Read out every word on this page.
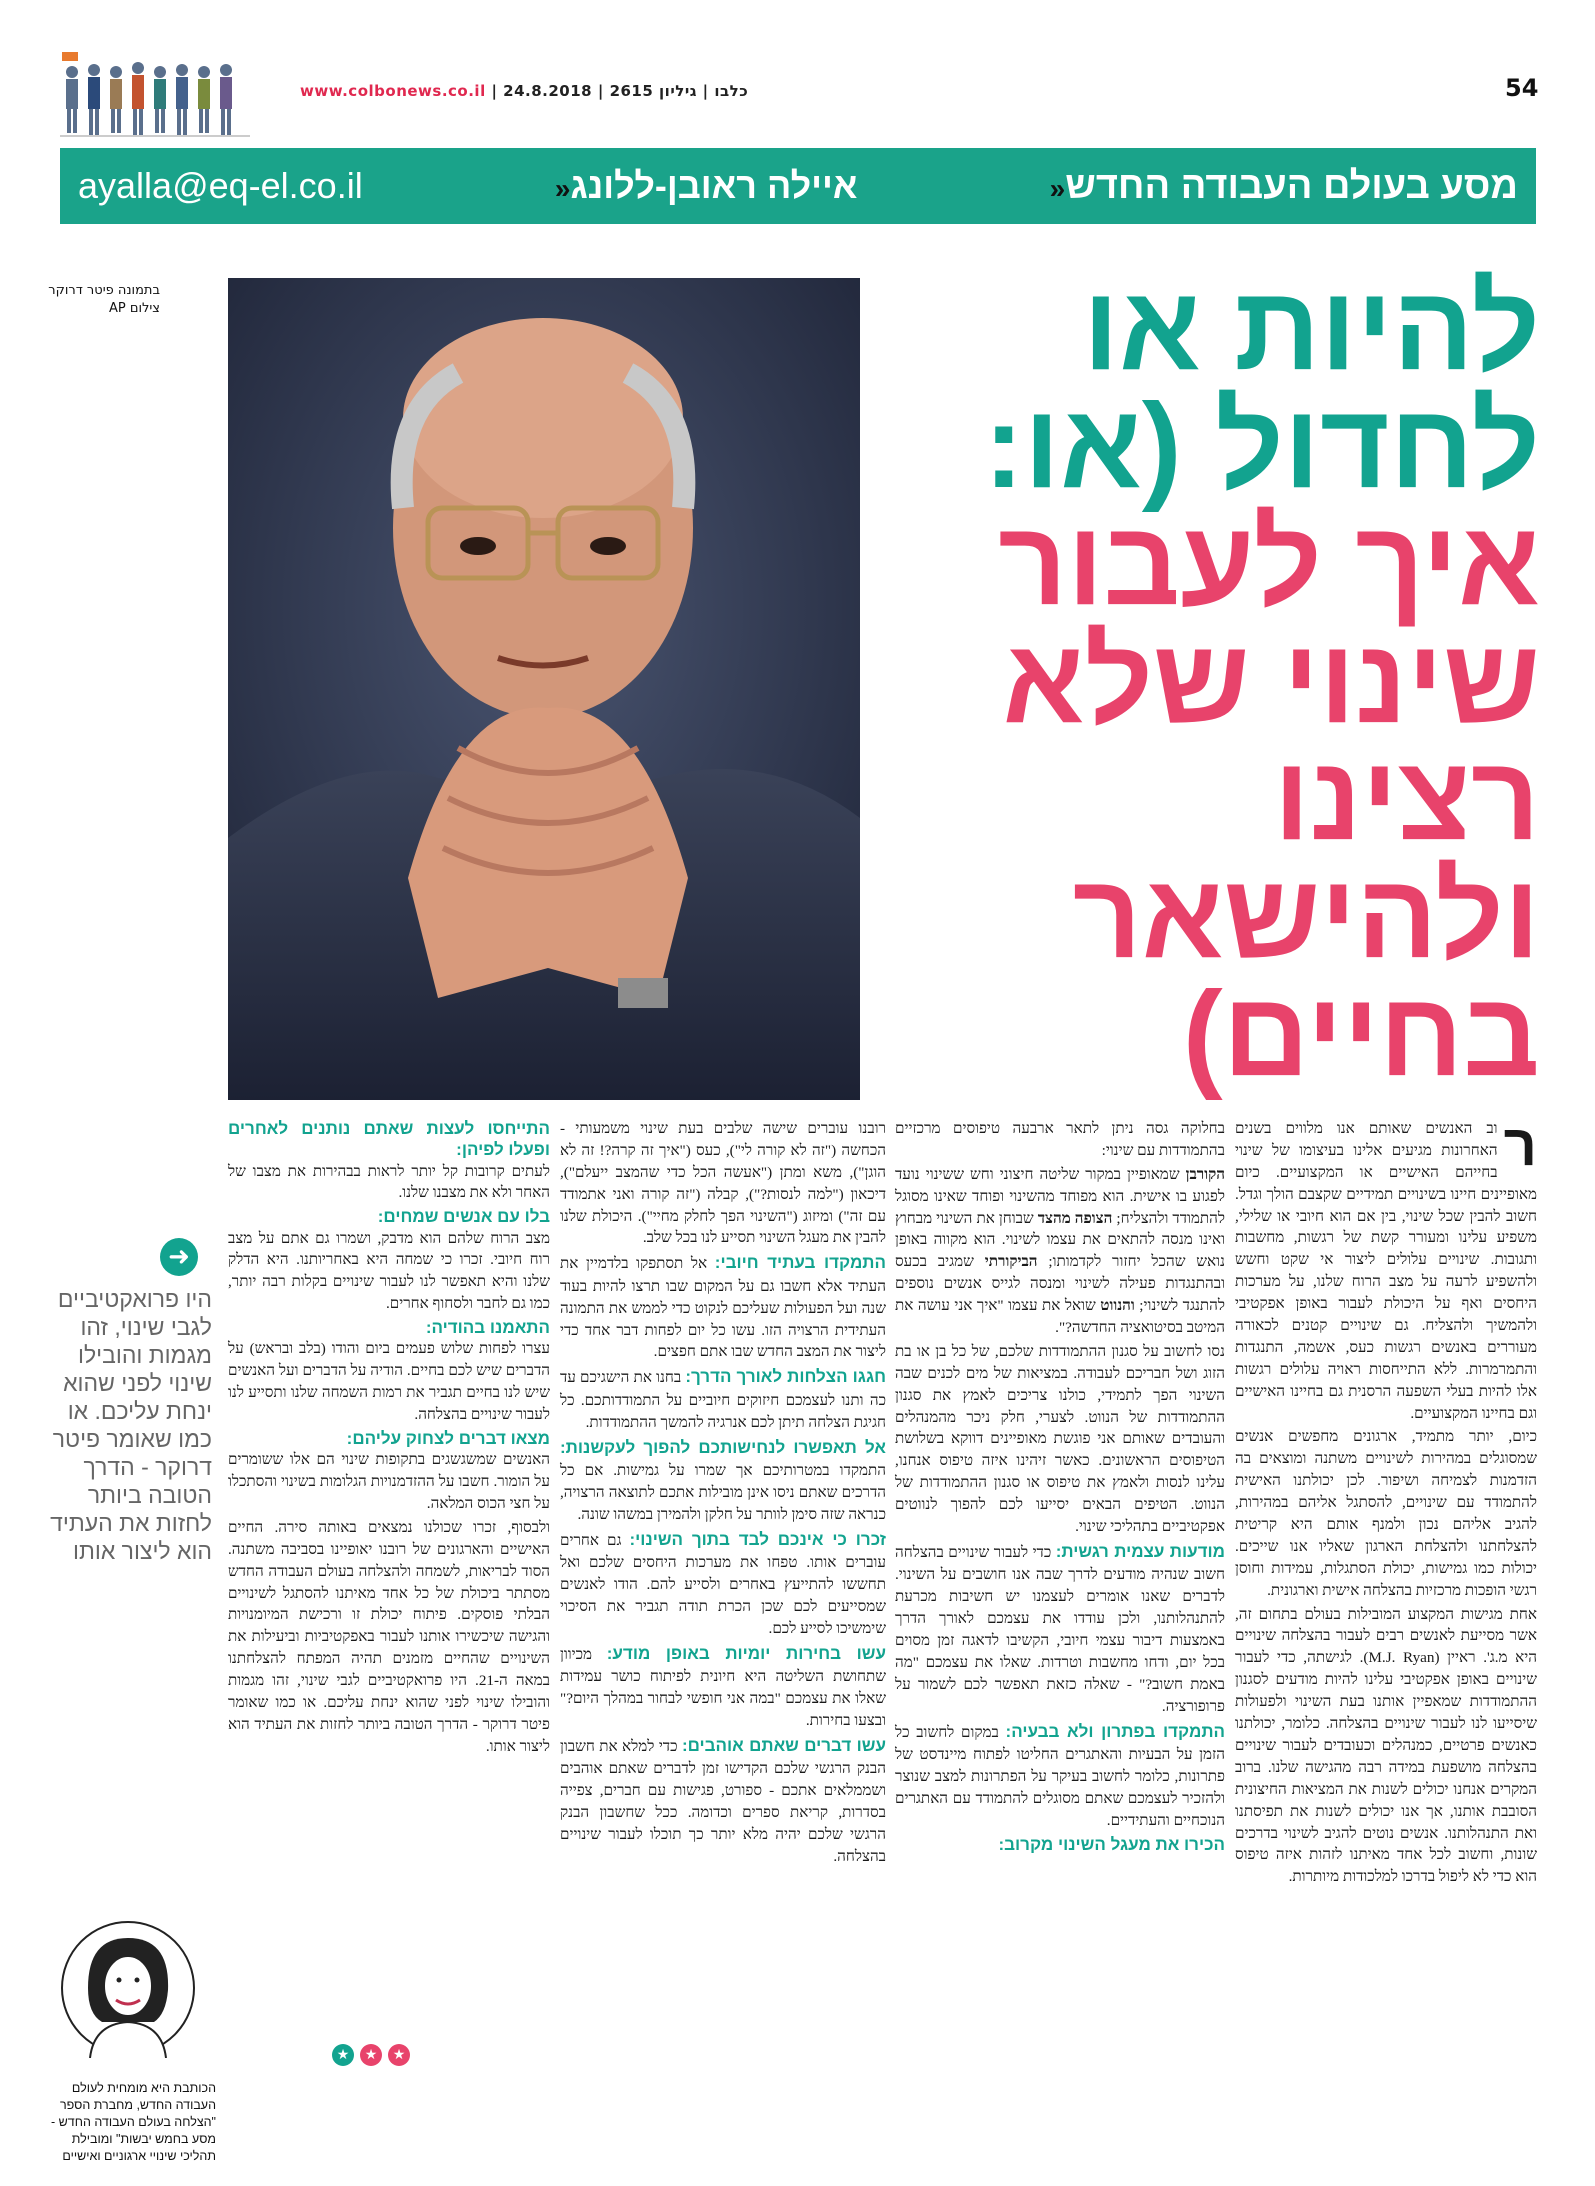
www.colbonews.co.il | כלבו | גיליון 2615 | 24.8.2018	54
מסע בעולם העבודה החדש«
איילה ראובן-ללונג«
ayalla@eq-el.co.il
להיות או
לחדול (או:
איך לעבור
שינוי שלא
רצינו
ולהישאר
בחיים)
בתמונה פיטר דרוקר
צילום AP
ר

וב האנשים שאותם אנו מלווים בשנים האחרונות מגיעים אלינו בעיצומו של שינוי בחייהם האישיים או המקצועיים. כיום מאופיינים חיינו בשינויים תמידיים שקצבם הולך וגדל. חשוב להבין שכל שינוי, בין אם הוא חיובי או שלילי, משפיע עלינו ומעורר קשת של רגשות, מחשבות ותגובות. שינויים עלולים ליצור אי שקט וחשש ולהשפיע לרעה על מצב הרוח שלנו, על מערכות היחסים ואף על היכולת לעבור באופן אפקטיבי ולהמשיך ולהצליח. גם שינויים קטנים לכאורה מעוררים באנשים רגשות כעס, אשמה, התנגדות והתמרמרות. ללא התייחסות ראויה עלולים רגשות אלו להיות בעלי השפעה הרסנית גם בחיינו האישיים וגם בחיינו המקצועיים.

כיום, יותר מתמיד, ארגונים מחפשים אנשים שמסוגלים במהירות לשינויים משתנה ומוצאים בה הזדמנות לצמיחה ושיפור. לכן יכולתנו האישית להתמודד עם שינויים, להסתגל אליהם במהירות, להגיב אליהם נכון ולמנף אותם היא קריטית להצלחתנו ולהצלחת הארגון שאליו אנו שייכים. יכולות כמו גמישות, יכולת הסתגלות, עמידות וחוסן רגשי הופכות מרכזיות בהצלחה אישית וארגונית.

אחת מגישות המקצוע המובילות בעולם בתחום זה, אשר מסייעת לאנשים רבים לעבור בהצלחה שינויים היא מ.ג'. ראיין (M.J. Ryan). לגישתה, כדי לעבור שינויים באופן אפקטיבי עלינו להיות מודעים לסגנון ההתמודדות שמאפיין אותנו בעת השינוי ולפעולות שיסייעו לנו לעבור שינויים בהצלחה. כלומר, יכולתנו כאנשים פרטיים, כמנהלים וכעובדים לעבור שינויים בהצלחה מושפעת במידה רבה מהגישה שלנו. ברוב המקרים אנחנו יכולים לשנות את המציאות החיצונית הסובבת אותנו, אך אנו יכולים לשנות את תפיסתנו ואת התנהלותנו. אנשים נוטים להגיב לשינוי בדרכים שונות, וחשוב לכל אחד מאיתנו לזהות איזה טיפוס הוא כדי לא ליפול בדרכו למלכודות מיותרות.

בחלוקה גסה ניתן לתאר ארבעה טיפוסים מרכזיים בהתמודדות עם שינוי:

הקורבן שמאופיין במקור שליטה חיצוני וחש ששינוי נועד לפגוע בו אישית. הוא מפוחד מהשינוי ופוחד שאינו מסוגל להתמודד ולהצליח; הצופה מהצד שבוחן את השינוי מבחוץ ואינו מנסה להתאים את עצמו לשינוי. הוא מקווה באופן נואש שהכל יחזור לקדמותו; הביקורתי שמגיב בכעס ובהתנגדות פעילה לשינוי ומנסה לגייס אנשים נוספים להתנגד לשינוי; והנווט שואל את עצמו "איך אני עושה את המיטב בסיטואציה החדשה?".

נסו לחשוב על סגנון ההתמודדות שלכם, של כל בן או בת הזוג ושל חבריכם לעבודה. במציאות של מים לכנים שבה השינוי הפך לתמידי, כולנו צריכים לאמץ את סגנון ההתמודדות של הנווט. לצערי, חלק ניכר מהמנהלים והעובדים שאותם אני פוגשת מאופיינים דווקא בשלושת הטיפוסים הראשונים. כאשר זיהינו איזה טיפוס אנחנו, עלינו לנסות ולאמץ את טיפוס או סגנון ההתמודדות של הנווט. הטיפים הבאים יסייעו לכם להפוך לנווטים אפקטיביים בתהליכי שינוי.

מודעות עצמית רגשית: כדי לעבור שינויים בהצלחה חשוב שנהיה מודעים לדרך שבה אנו חושבים על השינוי. לדברים שאנו אומרים לעצמנו יש חשיבות מכרעת להתנהלותנו, ולכן עודדו את עצמכם לאורך הדרך באמצעות דיבור עצמי חיובי, הקשיבו לדאגה זמן מסוים בכל יום, ודחו מחשבות וטרדות. שאלו את עצמכם "מה באמת חשוב?" - שאלה כזאת תאפשר לכם לשמור על פרופורציה.

התמקדו בפתרון ולא בבעיה: במקום לחשוב כל הזמן על הבעיות והאתגרים החליטו לפתוח מיינדסט של פתרונות, כלומר לחשוב בעיקר על הפתרונות למצב שנוצר ולהזכיר לעצמכם שאתם מסוגלים להתמודד עם האתגרים הנוכחיים והעתידיים.

הכירו את מעגל השינוי מקרוב:

רובנו עוברים שישה שלבים בעת שינוי משמעותי - הכחשה ("זה לא קורה לי"), כעס ("איך זה קרה?! זה לא הוגן"), משא ומתן ("אעשה הכל כדי שהמצב ייעלם"), דיכאון ("למה לנסות?"), קבלה ("זה קורה ואני אתמודד עם זה") ומיזוג ("השינוי הפך לחלק מחיי"). היכולת שלנו להבין את מעגל השינוי תסייע לנו בכל שלב.

התמקדו בעתיד חיובי: אל תסתפקו בלדמיין את העתיד אלא חשבו גם על המקום שבו תרצו להיות בעוד שנה ועל הפעולות שעליכם לנקוט כדי לממש את התמונה העתידית הרצויה הזו. עשו כל יום לפחות דבר אחד כדי ליצור את המצב החדש שבו אתם חפצים.

חגגו הצלחות לאורך הדרך: בחנו את הישגיכם עד כה ותנו לעצמכם חיזוקים חיוביים על התמודדותכם. כל חגיגת הצלחה תיתן לכם אנרגיה להמשך ההתמודדות.

אל תאפשרו לנחישותכם להפוך לעקשנות: התמקדו במטרותיכם אך שמרו על גמישות. אם כל הדרכים שאתם ניסו אינן מובילות אתכם לתוצאה הרצויה, כנראה שזה סימן לוותר על חלקן ולהמירן במשהו שונה.

זכרו כי אינכם לבד בתוך השינוי: גם אחרים עוברים אותו. טפחו את מערכות היחסים שלכם ואל תחששו להתייעץ באחרים ולסייע להם. הודו לאנשים שמסייעים לכם שכן הכרת תודה תגביר את הסיכוי שימשיכו לסייע לכם.

עשו בחירות יומיות באופן מודע: מכיוון שתחושת השליטה היא חיונית לפיתוח כושר עמידות שאלו את עצמכם "במה אני חופשי לבחור במהלך היום?" ובצעו בחירות.

עשו דברים שאתם אוהבים: כדי למלא את חשבון הבנק הרגשי שלכם הקדישו זמן לדברים שאתם אוהבים ושממלאים אתכם - ספורט, פגישות עם חברים, צפייה בסדרות, קריאת ספרים וכדומה. ככל שחשבון הבנק הרגשי שלכם יהיה מלא יותר כך תוכלו לעבור שינויים בהצלחה.

התייחסו לעצות שאתם נותנים לאחרים ופעלו לפיהן:

לעתים קרובות קל יותר לראות בבהירות את מצבו של האחר ולא את מצבנו שלנו.

בלו עם אנשים שמחים:

מצב הרוח שלהם הוא מדבק, ושמרו גם אתם על מצב רוח חיובי. זכרו כי שמחה היא באחריותנו. היא הדלק שלנו והיא תאפשר לנו לעבור שינויים בקלות רבה יותר, כמו גם לחבר ולסחוף אחרים.

התאמנו בהודיה:

עצרו לפחות שלוש פעמים ביום והודו (בלב ובראש) על הדברים שיש לכם בחיים. הודיה על הדברים ועל האנשים שיש לנו בחיים תגביר את רמות השמחה שלנו ותסייע לנו לעבור שינויים בהצלחה.

מצאו דברים לצחוק עליהם:

האנשים שמשגשגים בתקופות שינוי הם אלו ששומרים על הומור. חשבו על ההזדמנויות הגלומות בשינוי והסתכלו על חצי הכוס המלאה.

ולבסוף, זכרו שכולנו נמצאים באותה סירה. החיים האישיים והארגונים של רובנו יאופיינו בסביבה משתנה. הסוד לבריאות, לשמחה ולהצלחה בעולם העבודה החדש מסתתר ביכולת של כל אחד מאיתנו להסתגל לשינויים הבלתי פוסקים. פיתוח יכולת זו ורכישת המיומנויות והגישה שיכשירו אותנו לעבור באפקטיביות וביעילות את השינויים שהחיים מזמנים תהיה המפתח להצלחתנו במאה ה-21. היו פרואקטיביים לגבי שינוי, זהו מגמות והובילו שינוי לפני שהוא ינחת עליכם. או כמו שאומר פיטר דרוקר - הדרך הטובה ביותר לחזות את העתיד הוא ליצור אותו.

➜
היו פרואקטיביים לגבי שינוי, זהו מגמות והובילו שינוי לפני שהוא ינחת עליכם. או כמו שאומר פיטר דרוקר - הדרך הטובה ביותר לחזות את העתיד הוא ליצור אותו
★	★	★
הכותבת היא מומחית לעולם העבודה החדש, מחברת הספר "הצלחה בעולם העבודה החדש - מסע בחמש יבשות" ומובילת תהליכי שינויי ארגוניים ואישיים
